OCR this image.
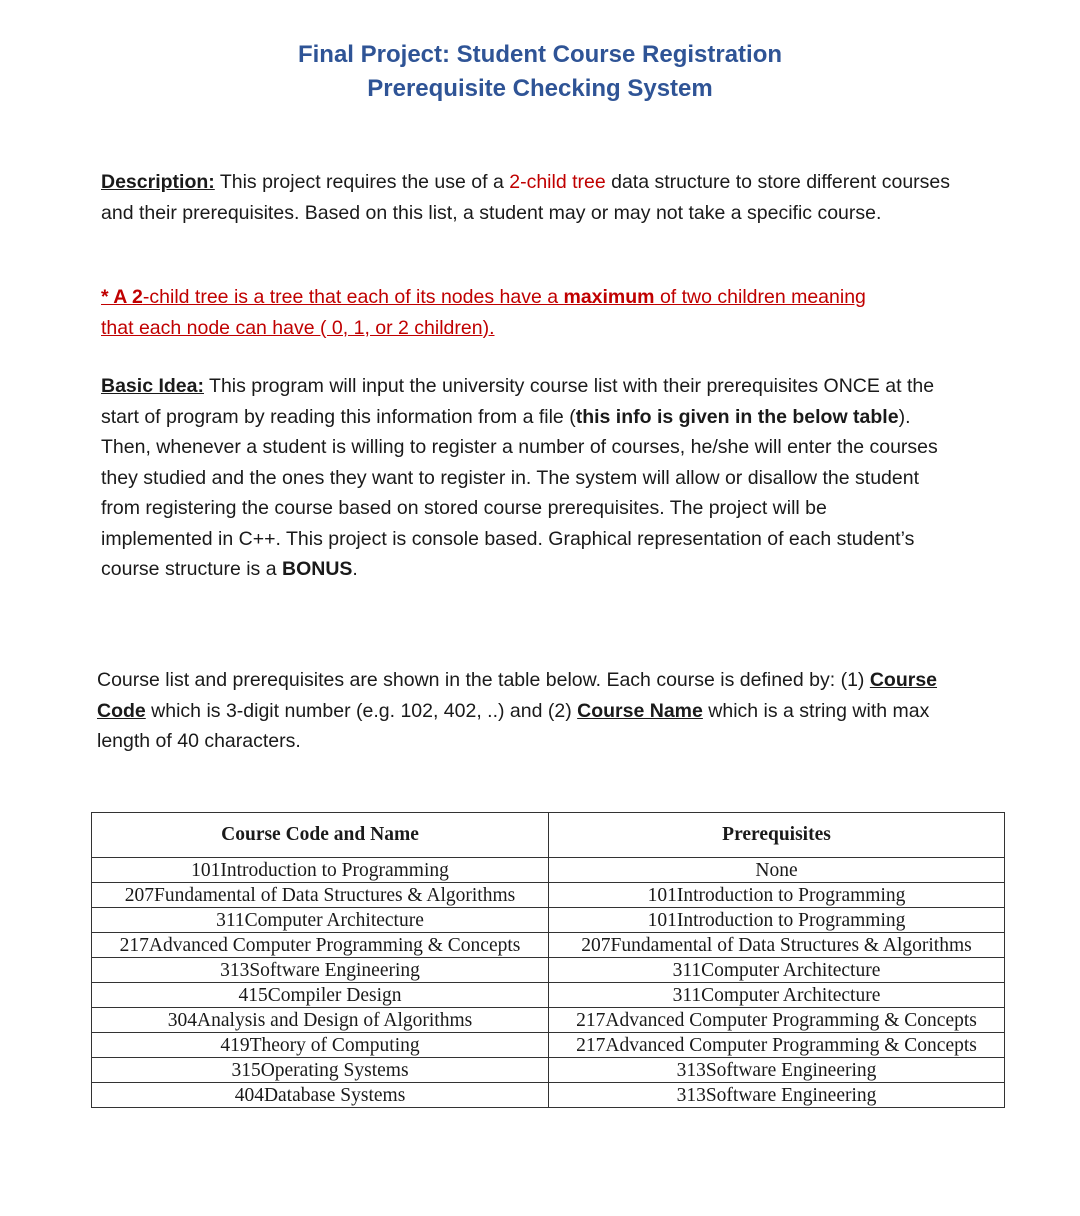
Final Project: Student Course Registration
Prerequisite Checking System
Description: This project requires the use of a 2-child tree data structure to store different courses and their prerequisites. Based on this list, a student may or may not take a specific course.
* A 2-child tree is a tree that each of its nodes have a maximum of two children meaning that each node can have ( 0, 1, or 2 children).
Basic Idea: This program will input the university course list with their prerequisites ONCE at the start of program by reading this information from a file (this info is given in the below table). Then, whenever a student is willing to register a number of courses, he/she will enter the courses they studied and the ones they want to register in. The system will allow or disallow the student from registering the course based on stored course prerequisites. The project will be implemented in C++. This project is console based. Graphical representation of each student’s course structure is a BONUS.
Course list and prerequisites are shown in the table below. Each course is defined by: (1) Course Code which is 3-digit number (e.g. 102, 402, ..) and (2) Course Name which is a string with max length of 40 characters.
Course Code and Name	Prerequisites
101Introduction to Programming	None
207Fundamental of Data Structures & Algorithms	101Introduction to Programming
311Computer Architecture	101Introduction to Programming
217Advanced Computer Programming & Concepts	207Fundamental of Data Structures & Algorithms
313Software Engineering	311Computer Architecture
415Compiler Design	311Computer Architecture
304Analysis and Design of Algorithms	217Advanced Computer Programming & Concepts
419Theory of Computing	217Advanced Computer Programming & Concepts
315Operating Systems	313Software Engineering
404Database Systems	313Software Engineering
